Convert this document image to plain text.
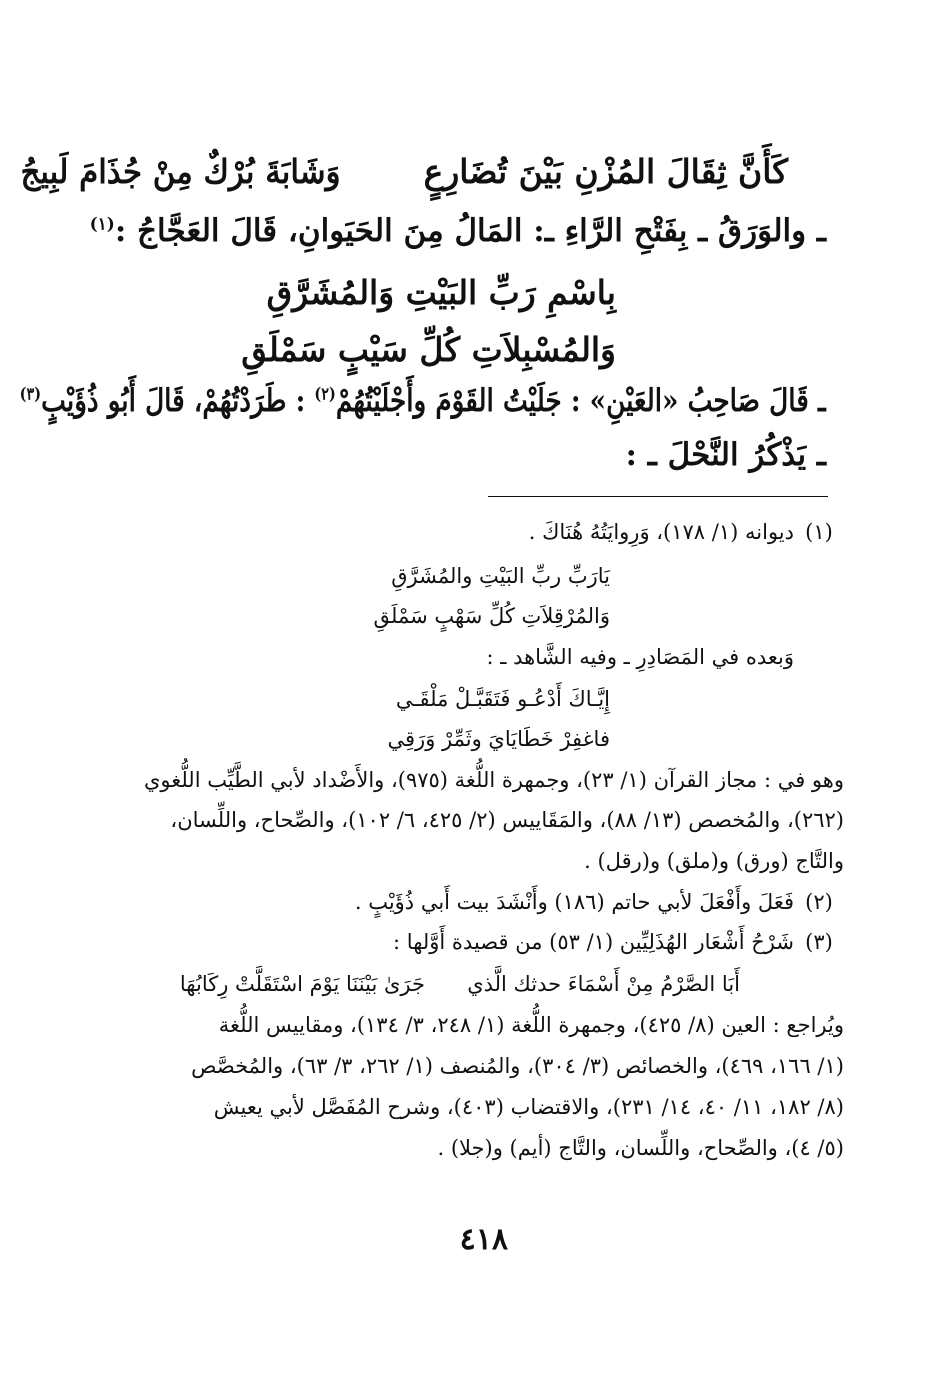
كَأَنَّ ثِقَالَ المُزْنِ بَيْنَ تُضَارِعٍ
وَشَابَةَ بُرْكٌ مِنْ جُذَامَ لَبِيجُ
ـ والوَرَقُ ـ بِفَتْحِ الرَّاءِ ـ: المَالُ مِنَ الحَيَوانِ، قَالَ العَجَّاجُ :$^{(١)}$
بِاسْمِ رَبِّ البَيْتِ وَالمُشَرَّقِ
وَالمُسْبِلاَتِ كُلِّ سَيْبٍ سَمْلَقِ
ـ قَالَ صَاحِبُ «العَيْنِ» : جَلَيْتُ القَوْمَ وأَجْلَيْتُهُمْ$^{(٢)}$ : طَرَدْتُهُمْ، قَالَ أَبُو ذُؤَيْبٍ$^{(٣)}$
ـ يَذْكُرُ النَّحْلَ ـ :
(١)ديوانه (١/ ١٧٨)، وَرِوايَتُهُ هُنَاكَ .
يَارَبِّ ربِّ البَيْتِ والمُشَرَّقِ
وَالمُرْقِلاَتِ كُلِّ سَهْبٍ سَمْلَقِ
وَبعده في المَصَادِرِ ـ وفيه الشَّاهد ـ :
إِيَّـاكَ أَدْعُـو فَتَقَبَّـلْ مَلْقَـي
فاغفِرْ خَطَايَايَ وثَمِّرْ وَرَقِي
وهو في : مجاز القرآن (١/ ٢٣)، وجمهرة اللُّغة (٩٧٥)، والأَضْداد لأبي الطَّيِّب اللُّغوي
(٢٦٢)، والمُخصص (١٣/ ٨٨)، والمَقَاييس (٢/ ٤٢٥، ٦/ ١٠٢)، والصِّحاح، واللِّسان،
والتَّاج (ورق) و(ملق) و(رقل) .
(٢)فَعَلَ وأَفْعَلَ لأبي حاتم (١٨٦) وأَنْشَدَ بيت أَبي ذُؤَيْبٍ .
(٣)شَرْحُ أَشْعَار الهُذَلِيِّين (١/ ٥٣) من قصيدة أَوَّلها :
أَبَا الصَّرْمُ مِنْ أَسْمَاءَ حدثك الَّذي
جَرَىٰ بَيْنَنَا يَوْمَ اسْتَقَلَّتْ رِكَابُهَا
ويُراجع : العين (٨/ ٤٢٥)، وجمهرة اللُّغة (١/ ٢٤٨، ٣/ ١٣٤)، ومقاييس اللُّغة
(١/ ١٦٦، ٤٦٩)، والخصائص (٣/ ٣٠٤)، والمُنصف (١/ ٢٦٢، ٣/ ٦٣)، والمُخصَّص
(٨/ ١٨٢، ١١/ ٤٠، ١٤/ ٢٣١)، والاقتضاب (٤٠٣)، وشرح المُفَصَّل لأبي يعيش
(٥/ ٤)، والصِّحاح، واللِّسان، والتَّاج (أيم) و(جلا) .
٤١٨
